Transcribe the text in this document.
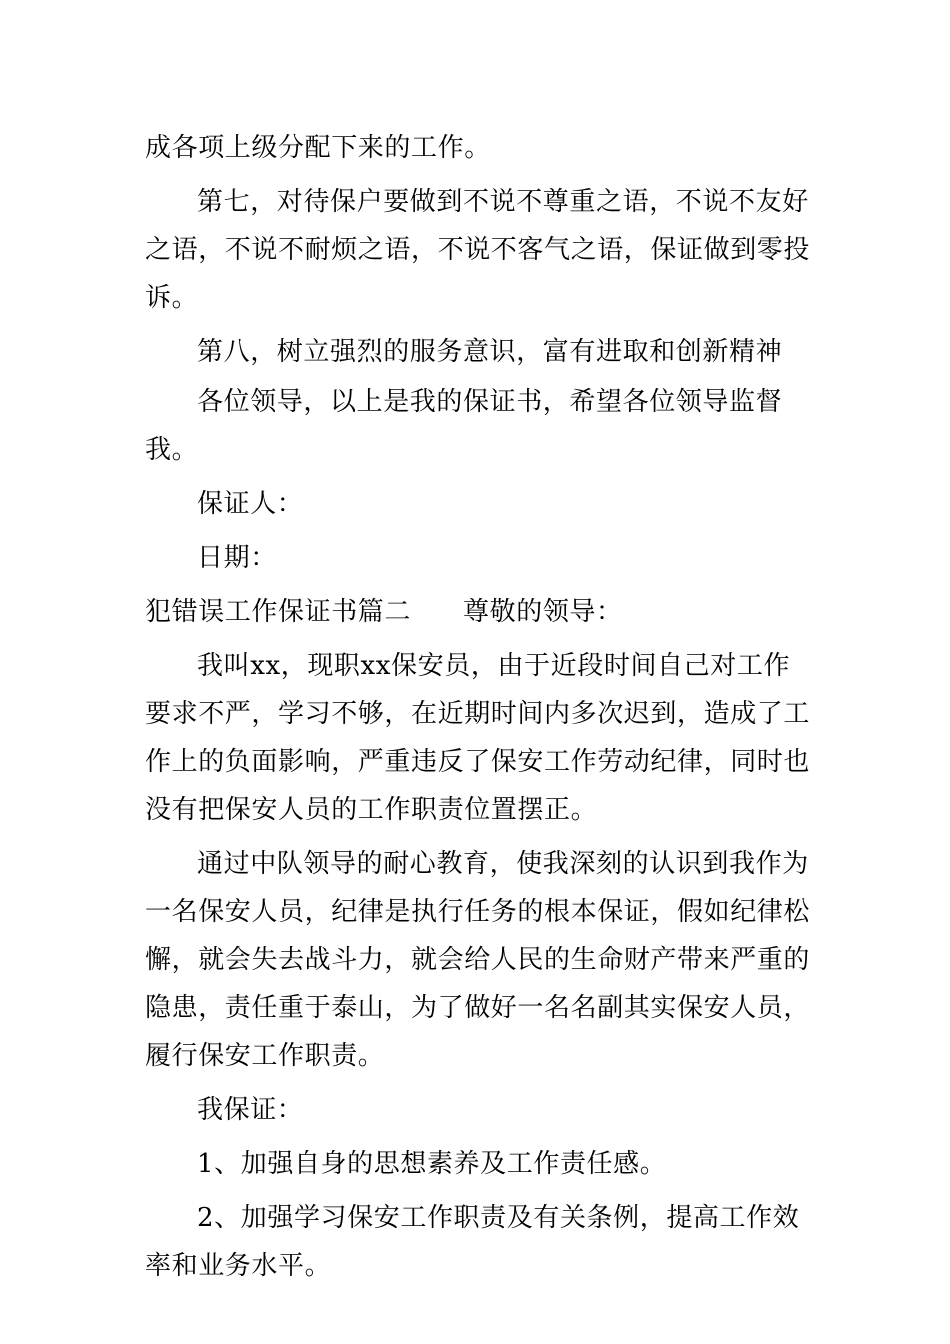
成各项上级分配下来的工作。

第七，对待保户要做到不说不尊重之语，不说不友好之语，不说不耐烦之语，不说不客气之语，保证做到零投诉。

第八，树立强烈的服务意识，富有进取和创新精神

各位领导，以上是我的保证书，希望各位领导监督我。

保证人：

日期：

犯错误工作保证书篇二 尊敬的领导：

我叫xx，现职xx保安员，由于近段时间自己对工作要求不严，学习不够，在近期时间内多次迟到，造成了工作上的负面影响，严重违反了保安工作劳动纪律，同时也没有把保安人员的工作职责位置摆正。

通过中队领导的耐心教育，使我深刻的认识到我作为一名保安人员，纪律是执行任务的根本保证，假如纪律松懈，就会失去战斗力，就会给人民的生命财产带来严重的隐患，责任重于泰山，为了做好一名名副其实保安人员，履行保安工作职责。

我保证：

1、加强自身的思想素养及工作责任感。

2、加强学习保安工作职责及有关条例，提高工作效率和业务水平。
